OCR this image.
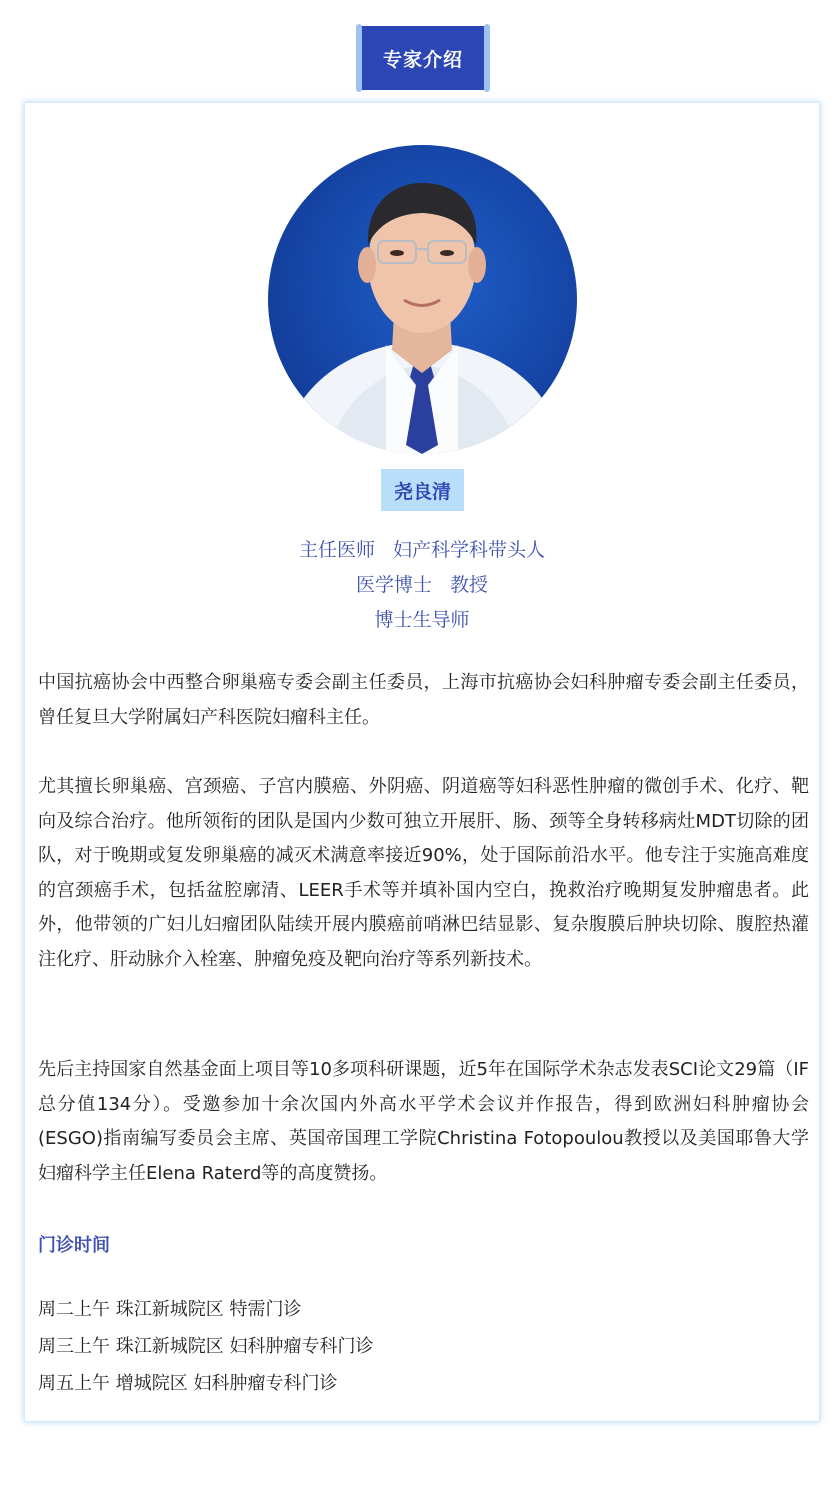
专家介绍
尧良清
主任医师   妇产科学科带头人
医学博士   教授
博士生导师

中国抗癌协会中西整合卵巢癌专委会副主任委员，上海市抗癌协会妇科肿瘤专委会副主任委员，曾任复旦大学附属妇产科医院妇瘤科主任。

尤其擅长卵巢癌、宫颈癌、子宫内膜癌、外阴癌、阴道癌等妇科恶性肿瘤的微创手术、化疗、靶向及综合治疗。他所领衔的团队是国内少数可独立开展肝、肠、颈等全身转移病灶MDT切除的团队，对于晚期或复发卵巢癌的减灭术满意率接近90%，处于国际前沿水平。他专注于实施高难度的宫颈癌手术，包括盆腔廓清、LEER手术等并填补国内空白，挽救治疗晚期复发肿瘤患者。此外，他带领的广妇儿妇瘤团队陆续开展内膜癌前哨淋巴结显影、复杂腹膜后肿块切除、腹腔热灌注化疗、肝动脉介入栓塞、肿瘤免疫及靶向治疗等系列新技术。

先后主持国家自然基金面上项目等10多项科研课题，近5年在国际学术杂志发表SCI论文29篇（IF总分值134分）。受邀参加十余次国内外高水平学术会议并作报告，得到欧洲妇科肿瘤协会(ESGO)指南编写委员会主席、英国帝国理工学院Christina Fotopoulou教授以及美国耶鲁大学妇瘤科学主任Elena Raterd等的高度赞扬。

门诊时间
周二上午 珠江新城院区 特需门诊
周三上午 珠江新城院区 妇科肿瘤专科门诊
周五上午 增城院区 妇科肿瘤专科门诊
